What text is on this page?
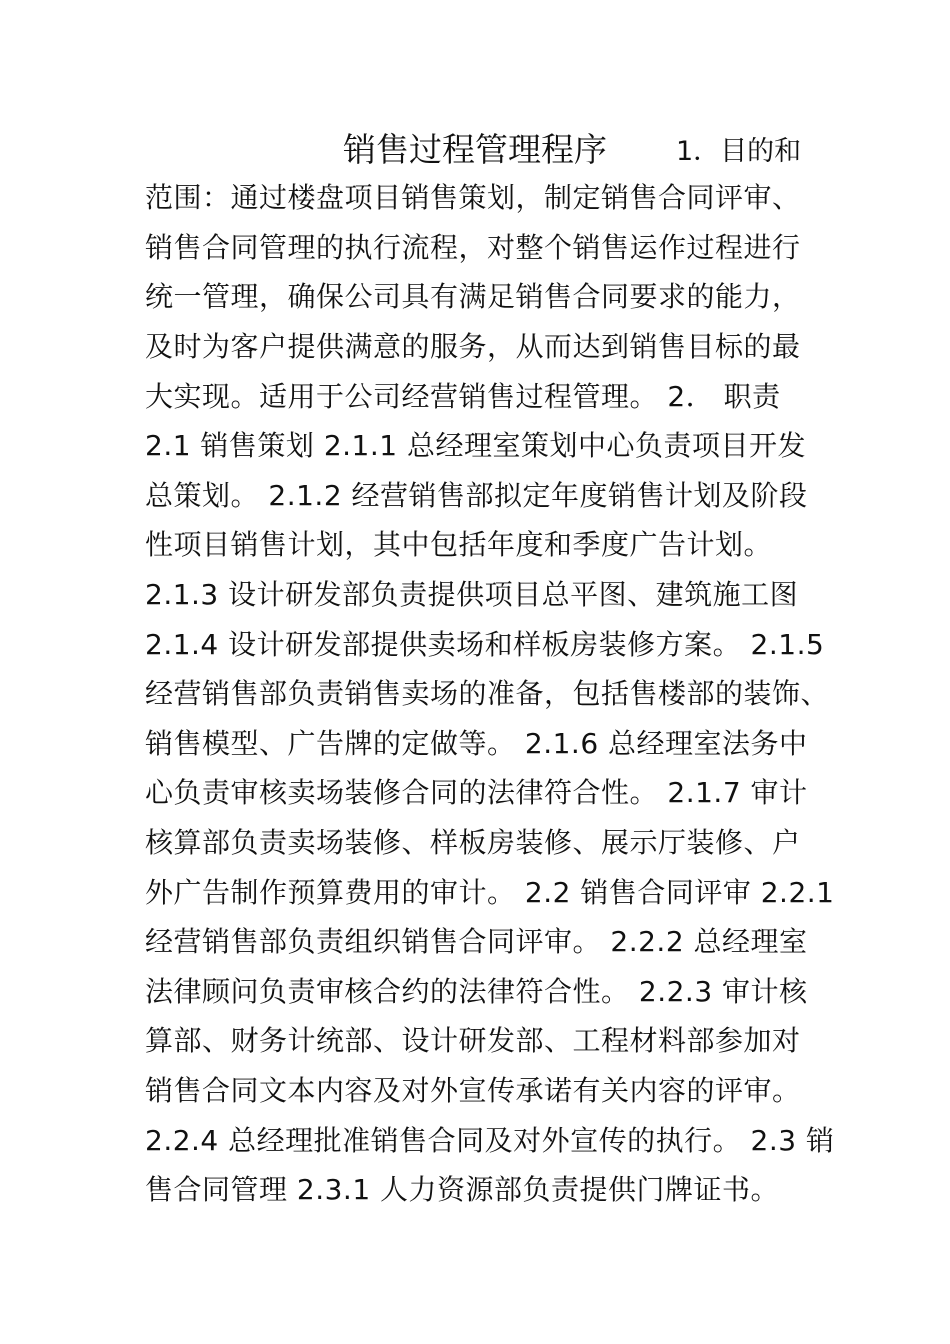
销售过程管理程序	1．目的和
范围：通过楼盘项目销售策划，制定销售合同评审、
销售合同管理的执行流程，对整个销售运作过程进行
统一管理，确保公司具有满足销售合同要求的能力，
及时为客户提供满意的服务，从而达到销售目标的最
大实现。适用于公司经营销售过程管理。 2． 职责
2.1 销售策划 2.1.1 总经理室策划中心负责项目开发
总策划。 2.1.2 经营销售部拟定年度销售计划及阶段
性项目销售计划，其中包括年度和季度广告计划。
2.1.3 设计研发部负责提供项目总平图、建筑施工图
2.1.4 设计研发部提供卖场和样板房装修方案。 2.1.5
经营销售部负责销售卖场的准备，包括售楼部的装饰、
销售模型、广告牌的定做等。 2.1.6 总经理室法务中
心负责审核卖场装修合同的法律符合性。 2.1.7 审计
核算部负责卖场装修、样板房装修、展示厅装修、户
外广告制作预算费用的审计。 2.2 销售合同评审 2.2.1
经营销售部负责组织销售合同评审。 2.2.2 总经理室
法律顾问负责审核合约的法律符合性。 2.2.3 审计核
算部、财务计统部、设计研发部、工程材料部参加对
销售合同文本内容及对外宣传承诺有关内容的评审。
2.2.4 总经理批准销售合同及对外宣传的执行。 2.3 销
售合同管理 2.3.1 人力资源部负责提供门牌证书。
